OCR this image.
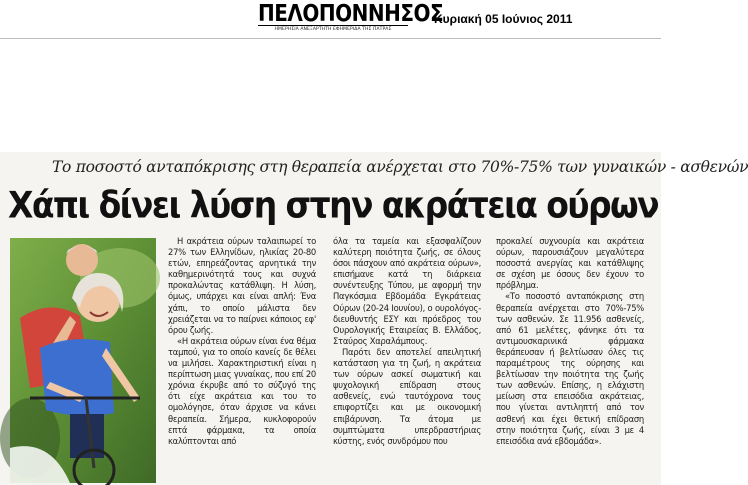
ΠΕΛΟΠΟΝΝΗΣΟΣ
ΗΜΕΡΗΣΙΑ ΑΝΕΞΑΡΤΗΤΗ ΕΦΗΜΕΡΙΔΑ ΤΗΣ ΠΑΤΡΑΣ
Κυριακή 05 Ιούνιος 2011
Το ποσοστό ανταπόκρισης στη θεραπεία ανέρχεται στο 70%-75% των γυναικών - ασθενών
Χάπι δίνει λύση στην ακράτεια ούρων

Η ακράτεια ούρων ταλαιπωρεί το 27% των Ελληνίδων, ηλικίας 20-80 ετών, επηρεάζοντας αρνητικά την καθημερινότητά τους και συχνά προκαλώντας κατάθλιψη. Η λύση, όμως, υπάρχει και είναι απλή: Ένα χάπι, το οποίο μάλιστα δεν χρειάζεται να το παίρνει κάποιος εφ' όρου ζωής.

«Η ακράτεια ούρων είναι ένα θέμα ταμπού, για το οποίο κανείς δε θέλει να μιλήσει. Χαρακτηριστική είναι η περίπτωση μιας γυναίκας, που επί 20 χρόνια έκρυβε από το σύζυγό της ότι είχε ακράτεια και του το ομολόγησε, όταν άρχισε να κάνει θεραπεία. Σήμερα, κυκλοφορούν επτά φάρμακα, τα οποία καλύπτονται από

όλα τα ταμεία και εξασφαλίζουν καλύτερη ποιότητα ζωής, σε όλους όσοι πάσχουν από ακράτεια ούρων», επισήμανε κατά τη διάρκεια συνέντευξης Τύπου, με αφορμή την Παγκόσμια Εβδομάδα Εγκράτειας Ούρων (20-24 Ιουνίου), ο ουρολόγος-διευθυντής ΕΣΥ και πρόεδρος του Ουρολογικής Εταιρείας Β. Ελλάδος, Σταύρος Χαραλάμπους.

Παρότι δεν αποτελεί απειλητική κατάσταση για τη ζωή, η ακράτεια των ούρων ασκεί σωματική και ψυχολογική επίδραση στους ασθενείς, ενώ ταυτόχρονα τους επιφορτίζει και με οικονομική επιβάρυνση. Τα άτομα με συμπτώματα υπερδραστήριας κύστης, ενός συνδρόμου που

προκαλεί συχνουρία και ακράτεια ούρων, παρουσιάζουν μεγαλύτερα ποσοστά ανεργίας και κατάθλιψης σε σχέση με όσους δεν έχουν το πρόβλημα.

«Το ποσοστό ανταπόκρισης στη θεραπεία ανέρχεται στο 70%-75% των ασθενών. Σε 11.956 ασθενείς, από 61 μελέτες, φάνηκε ότι τα αντιμουσκαρινικά φάρμακα θεράπευσαν ή βελτίωσαν όλες τις παραμέτρους της ούρησης και βελτίωσαν την ποιότητα της ζωής των ασθενών. Επίσης, η ελάχιστη μείωση στα επεισόδια ακράτειας, που γίνεται αντιληπτή από τον ασθενή και έχει θετική επίδραση στην ποιότητα ζωής, είναι 3 με 4 επεισόδια ανά εβδομάδα».
